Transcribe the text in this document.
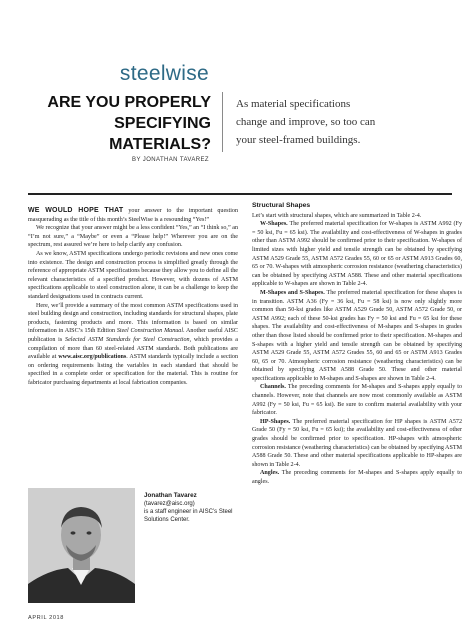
steelwise
ARE YOU PROPERLY
SPECIFYING
MATERIALS?
BY JONATHAN TAVAREZ
As material specifications
change and improve, so too can
your steel-framed buildings.

WE WOULD HOPE THAT your answer to the important question masquerading as the title of this month’s SteelWise is a resounding “Yes!”

We recognize that your answer might be a less confident “Yes,” an “I think so,” an “I’m not sure,” a “Maybe” or even a “Please help!” Wherever you are on the spectrum, rest assured we’re here to help clarify any confusion.

As we know, ASTM specifications undergo periodic revisions and new ones come into existence. The design and construction process is simplified greatly through the reference of appropriate ASTM specifications because they allow you to define all the relevant characteristics of a specified product. However, with dozens of ASTM specifications applicable to steel construction alone, it can be a challenge to keep the standard designations used in contracts current.

Here, we’ll provide a summary of the most common ASTM specifications used in steel building design and construction, including standards for structural shapes, plate products, fastening products and more. This information is based on similar information in AISC’s 15th Edition Steel Construction Manual. Another useful AISC publication is Selected ASTM Standards for Steel Construction, which provides a compilation of more than 60 steel-related ASTM standards. Both publications are available at www.aisc.org/publications. ASTM standards typically include a section on ordering requirements listing the variables in each standard that should be specified in a complete order or specification for the material. This is routine for fabricator purchasing departments at local fabrication companies.

Jonathan Tavarez
(tavarez@aisc.org)
is a staff engineer in AISC’s Steel Solutions Center.
Structural Shapes

Let’s start with structural shapes, which are summarized in Table 2-4.

W-Shapes. The preferred material specification for W-shapes is ASTM A992 (Fy = 50 ksi, Fu = 65 ksi). The availability and cost-effectiveness of W-shapes in grades other than ASTM A992 should be confirmed prior to their specification. W-shapes of limited sizes with higher yield and tensile strength can be obtained by specifying ASTM A529 Grade 55, ASTM A572 Grades 55, 60 or 65 or ASTM A913 Grades 60, 65 or 70. W-shapes with atmospheric corrosion resistance (weathering characteristics) can be obtained by specifying ASTM A588. These and other material specifications applicable to W-shapes are shown in Table 2-4.

M-Shapes and S-Shapes. The preferred material specification for these shapes is in transition. ASTM A36 (Fy = 36 ksi, Fu = 58 ksi) is now only slightly more common than 50-ksi grades like ASTM A529 Grade 50, ASTM A572 Grade 50, or ASTM A992; each of these 50-ksi grades has Fy = 50 ksi and Fu = 65 ksi for these shapes. The availability and cost-effectiveness of M-shapes and S-shapes in grades other than those listed should be confirmed prior to their specification. M-shapes and S-shapes with a higher yield and tensile strength can be obtained by specifying ASTM A529 Grade 55, ASTM A572 Grades 55, 60 and 65 or ASTM A913 Grades 60, 65 or 70. Atmospheric corrosion resistance (weathering characteristics) can be obtained by specifying ASTM A588 Grade 50. These and other material specifications applicable to M-shapes and S-shapes are shown in Table 2-4.

Channels. The preceding comments for M-shapes and S-shapes apply equally to channels. However, note that channels are now most commonly available as ASTM A992 (Fy = 50 ksi, Fu = 65 ksi). Be sure to confirm material availability with your fabricator.

HP-Shapes. The preferred material specification for HP shapes is ASTM A572 Grade 50 (Fy = 50 ksi, Fu = 65 ksi); the availability and cost-effectiveness of other grades should be confirmed prior to specification. HP-shapes with atmospheric corrosion resistance (weathering characteristics) can be obtained by specifying ASTM A588 Grade 50. These and other material specifications applicable to HP-shapes are shown in Table 2-4.

Angles. The preceding comments for M-shapes and S-shapes apply equally to angles.

APRIL 2018
